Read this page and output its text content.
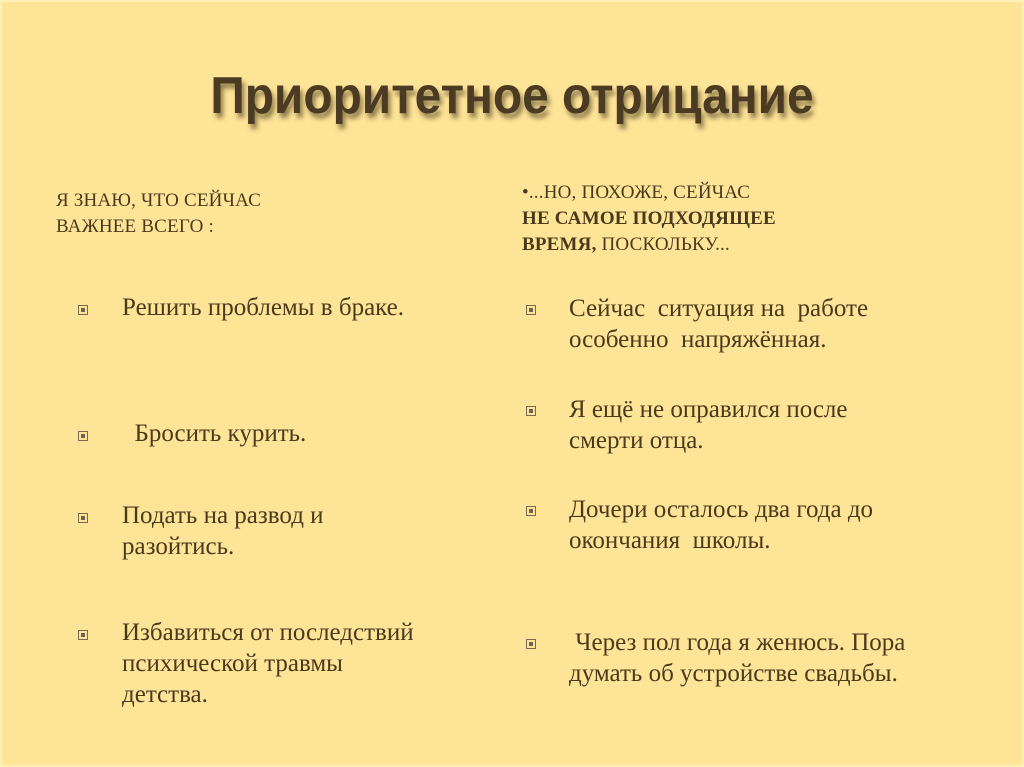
Приоритетное отрицание
Я ЗНАЮ, ЧТО СЕЙЧАС
ВАЖНЕЕ ВСЕГО :
•...НО, ПОХОЖЕ, СЕЙЧАС
НЕ САМОЕ ПОДХОДЯЩЕЕ
ВРЕМЯ, ПОСКОЛЬКУ...
Решить проблемы в браке.
Бросить курить.
Подать на развод и
разойтись.
Избавиться от последствий
психической травмы
детства.
Сейчас  ситуация на  работе
особенно  напряжённая.
Я ещё не оправился после
смерти отца.
Дочери осталось два года до
окончания  школы.
Через пол года я женюсь. Пора
думать об устройстве свадьбы.
